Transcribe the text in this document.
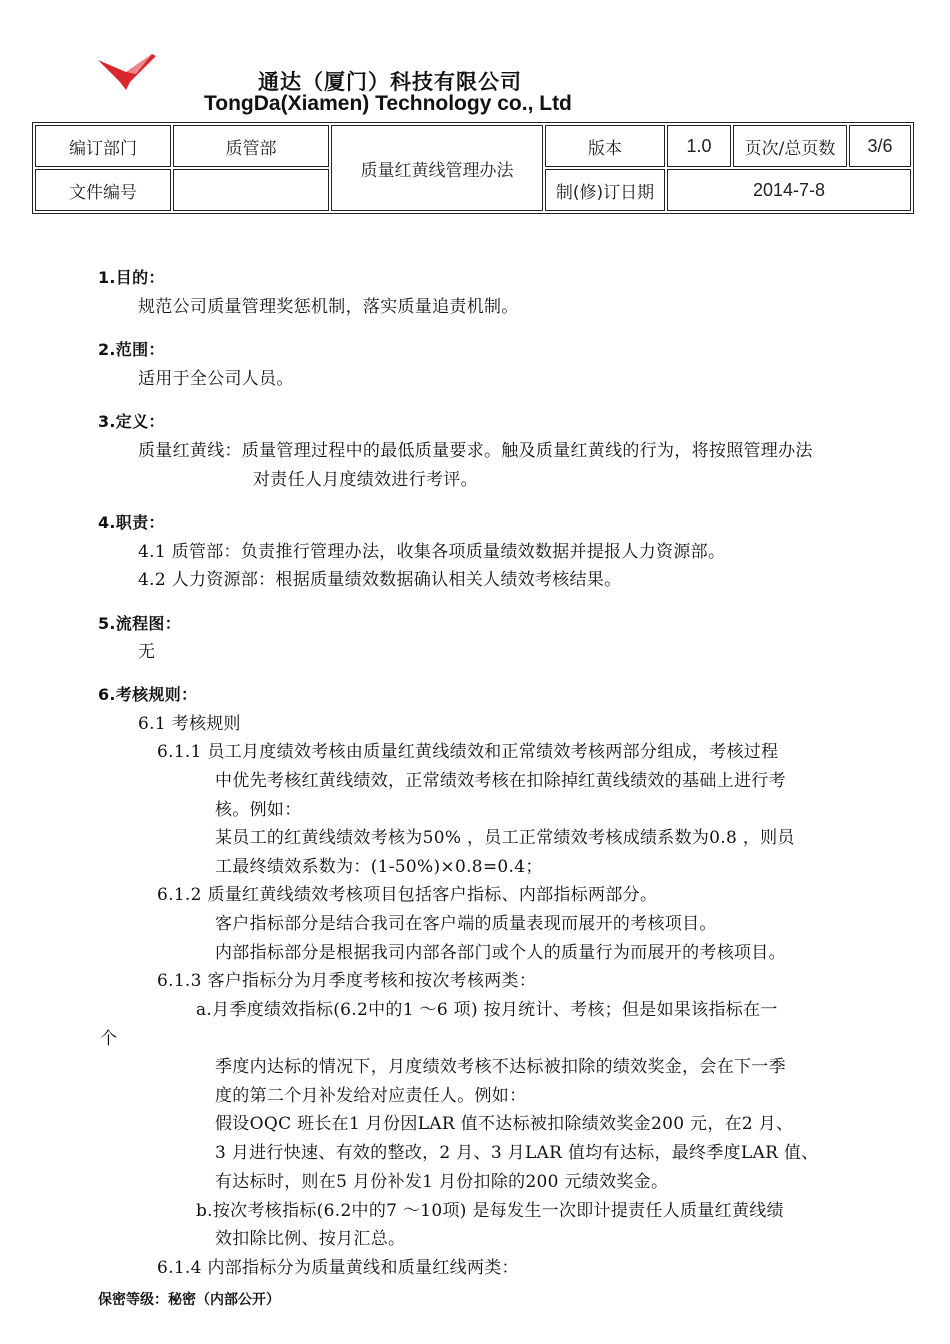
通达（厦门）科技有限公司
TongDa(Xiamen) Technology co., Ltd
编订部门	质管部	质量红黄线管理办法	版本	1.0	页次/总页数	3/6
文件编号			制(修)订日期	2014-7-8		
1.目的：
规范公司质量管理奖惩机制，落实质量追责机制。
2.范围：
适用于全公司人员。
3.定义：
质量红黄线：质量管理过程中的最低质量要求。触及质量红黄线的行为，将按照管理办法
对责任人月度绩效进行考评。
4.职责：
4.1 质管部：负责推行管理办法，收集各项质量绩效数据并提报人力资源部。
4.2 人力资源部：根据质量绩效数据确认相关人绩效考核结果。
5.流程图：
无
6.考核规则：
6.1 考核规则
6.1.1 员工月度绩效考核由质量红黄线绩效和正常绩效考核两部分组成，考核过程
中优先考核红黄线绩效，正常绩效考核在扣除掉红黄线绩效的基础上进行考
核。例如：
某员工的红黄线绩效考核为50% ，员工正常绩效考核成绩系数为0.8 ，则员
工最终绩效系数为：(1-50%)×0.8=0.4；
6.1.2 质量红黄线绩效考核项目包括客户指标、内部指标两部分。
客户指标部分是结合我司在客户端的质量表现而展开的考核项目。
内部指标部分是根据我司内部各部门或个人的质量行为而展开的考核项目。
6.1.3 客户指标分为月季度考核和按次考核两类：
a.月季度绩效指标(6.2中的1 ～6 项) 按月统计、考核；但是如果该指标在一
个
季度内达标的情况下，月度绩效考核不达标被扣除的绩效奖金，会在下一季
度的第二个月补发给对应责任人。例如：
假设OQC 班长在1 月份因LAR 值不达标被扣除绩效奖金200 元，在2 月、
3 月进行快速、有效的整改，2 月、3 月LAR 值均有达标，最终季度LAR 值、
有达标时，则在5 月份补发1 月份扣除的200 元绩效奖金。
b.按次考核指标(6.2中的7 ～10项) 是每发生一次即计提责任人质量红黄线绩
效扣除比例、按月汇总。
6.1.4 内部指标分为质量黄线和质量红线两类：
保密等级：秘密（内部公开）
